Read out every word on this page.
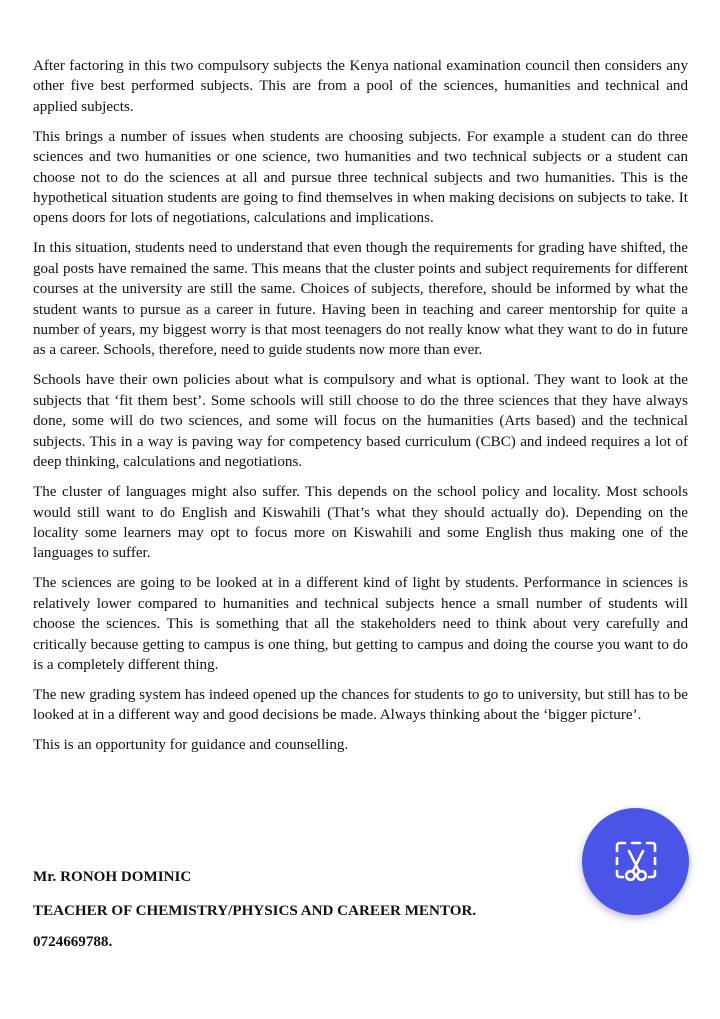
After factoring in this two compulsory subjects the Kenya national examination council then considers any other five best performed subjects. This are from a pool of the sciences, humanities and technical and applied subjects.

This brings a number of issues when students are choosing subjects. For example a student can do three sciences and two humanities or one science, two humanities and two technical subjects or a student can choose not to do the sciences at all and pursue three technical subjects and two humanities. This is the hypothetical situation students are going to find themselves in when making decisions on subjects to take. It opens doors for lots of negotiations, calculations and implications.

In this situation, students need to understand that even though the requirements for grading have shifted, the goal posts have remained the same. This means that the cluster points and subject requirements for different courses at the university are still the same. Choices of subjects, therefore, should be informed by what the student wants to pursue as a career in future. Having been in teaching and career mentorship for quite a number of years, my biggest worry is that most teenagers do not really know what they want to do in future as a career. Schools, therefore, need to guide students now more than ever.

Schools have their own policies about what is compulsory and what is optional. They want to look at the subjects that ‘fit them best’. Some schools will still choose to do the three sciences that they have always done, some will do two sciences, and some will focus on the humanities (Arts based) and the technical subjects. This in a way is paving way for competency based curriculum (CBC) and indeed requires a lot of deep thinking, calculations and negotiations.

The cluster of languages might also suffer. This depends on the school policy and locality. Most schools would still want to do English and Kiswahili (That’s what they should actually do). Depending on the locality some learners may opt to focus more on Kiswahili and some English thus making one of the languages to suffer.

The sciences are going to be looked at in a different kind of light by students. Performance in sciences is relatively lower compared to humanities and technical subjects hence a small number of students will choose the sciences. This is something that all the stakeholders need to think about very carefully and critically because getting to campus is one thing, but getting to campus and doing the course you want to do is a completely different thing.

The new grading system has indeed opened up the chances for students to go to university, but still has to be looked at in a different way and good decisions be made. Always thinking about the ‘bigger picture’.

This is an opportunity for guidance and counselling.

Mr. RONOH DOMINIC
TEACHER OF CHEMISTRY/PHYSICS AND CAREER MENTOR.
0724669788.
